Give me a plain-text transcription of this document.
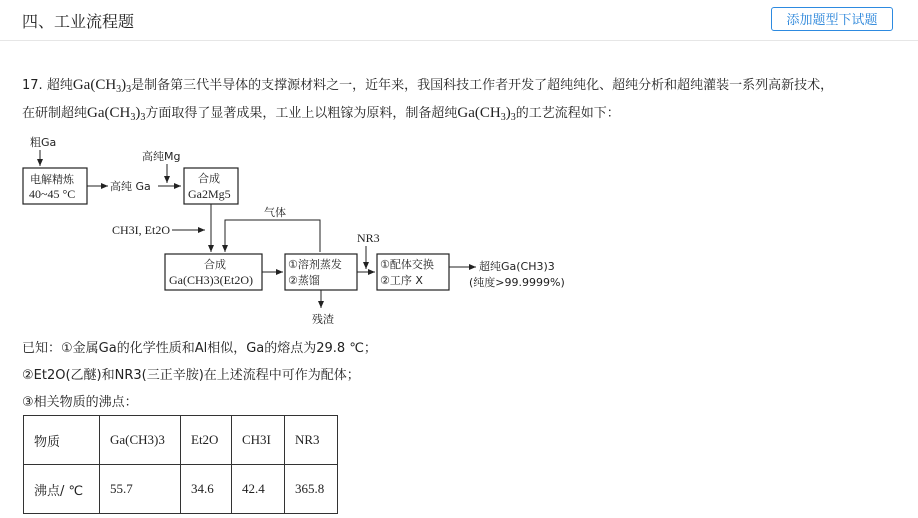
四、工业流程题	添加题型下试题
17. 超纯$Ga(CH_3)_3$是制备第三代半导体的支撑源材料之一，近年来，我国科技工作者开发了超纯纯化、超纯分析和超纯灌装一系列高新技术，
在研制超纯$Ga(CH_3)_3$方面取得了显著成果，工业上以粗镓为原料，制备超纯$Ga(CH_3)_3$的工艺流程如下：
粗Ga
电解精炼
40~45 °C
高纯 Ga
高纯Mg
合成
Ga2Mg5
CH3I, Et2O
气体
合成
Ga(CH3)3(Et2O)
①溶剂蒸发
②蒸馏
残渣
NR3
①配体交换
②工序 X
超纯Ga(CH3)3
(纯度>99.9999%)
已知：①金属Ga的化学性质和Al相似，Ga的熔点为29.8 ℃；
②Et2O(乙醚)和NR3(三正辛胺)在上述流程中可作为配体；
③相关物质的沸点：
物质	Ga(CH3)3	Et2O	CH3I	NR3
沸点/ ℃	55.7	34.6	42.4	365.8
